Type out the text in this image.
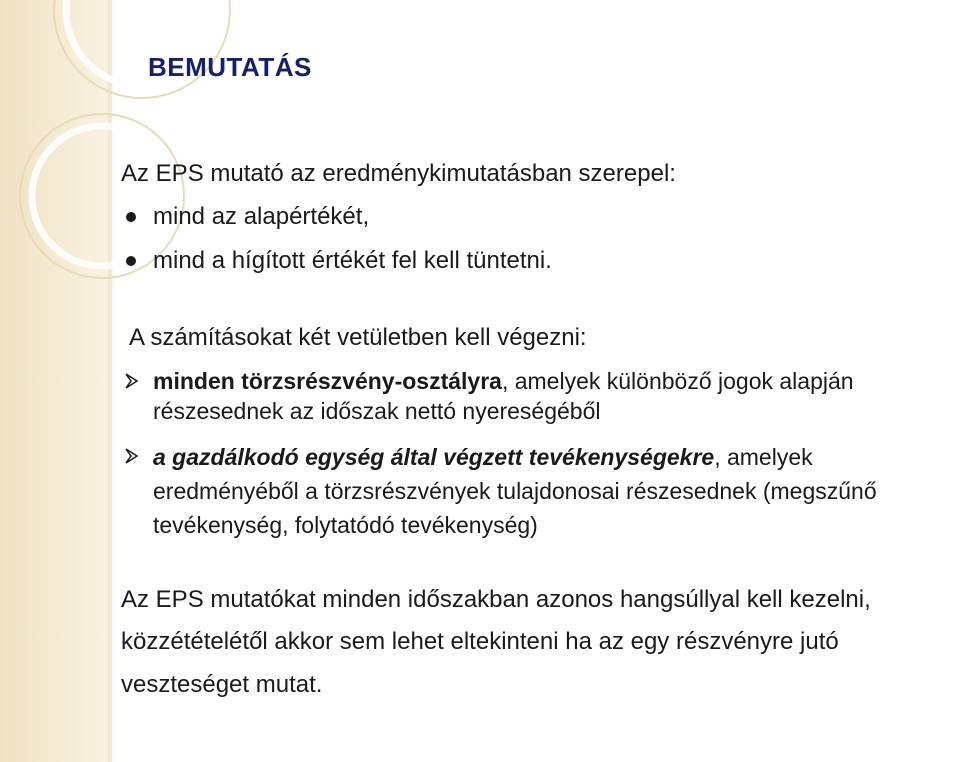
BEMUTATÁS
Az EPS mutató az eredménykimutatásban szerepel:
mind az alapértékét,
mind a hígított értékét fel kell tüntetni.
A számításokat két vetületben kell végezni:
minden törzsrészvény-osztályra, amelyek különböző jogok alapján
részesednek az időszak nettó nyereségéből
a gazdálkodó egység által végzett tevékenységekre, amelyek
eredményéből a törzsrészvények tulajdonosai részesednek (megszűnő
tevékenység, folytatódó tevékenység)
Az EPS mutatókat minden időszakban azonos hangsúllyal kell kezelni,
közzétételétől akkor sem lehet eltekinteni ha az egy részvényre jutó
veszteséget mutat.
